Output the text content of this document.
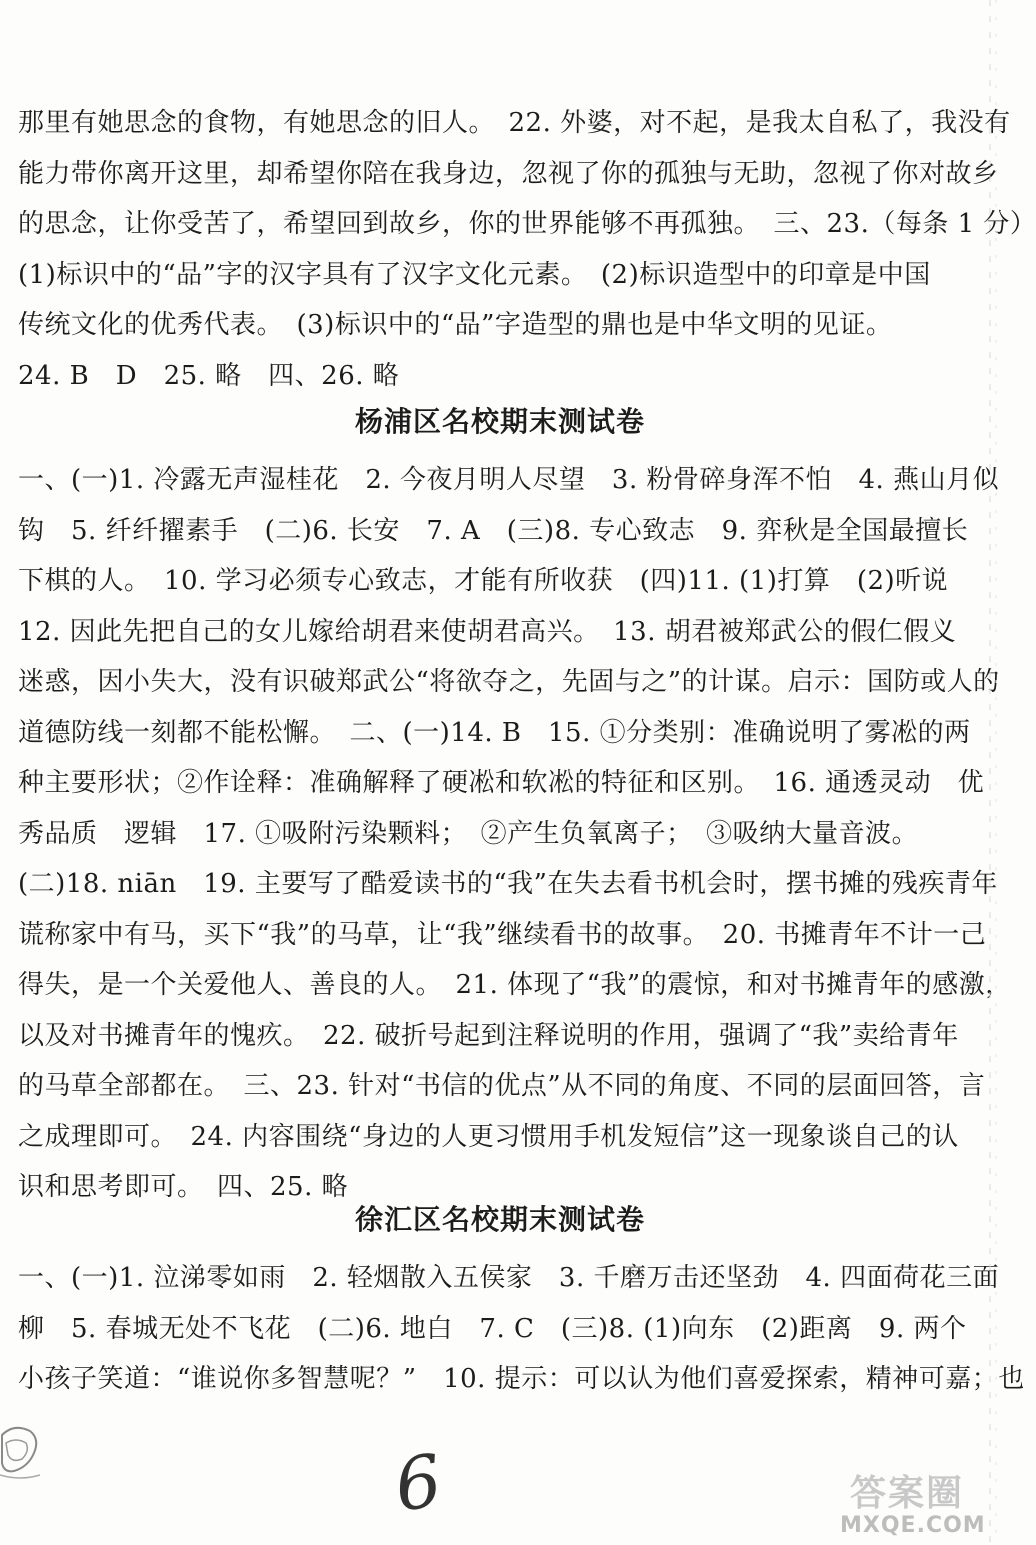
那里有她思念的食物，有她思念的旧人。　22. 外婆，对不起，是我太自私了，我没有
能力带你离开这里，却希望你陪在我身边，忽视了你的孤独与无助，忽视了你对故乡
的思念，让你受苦了，希望回到故乡，你的世界能够不再孤独。　三、23.（每条 1 分）
(1)标识中的“品”字的汉字具有了汉字文化元素。　(2)标识造型中的印章是中国
传统文化的优秀代表。　(3)标识中的“品”字造型的鼎也是中华文明的见证。
24. B　D　25. 略　四、26. 略
杨浦区名校期末测试卷
一、(一)1. 冷露无声湿桂花　2. 今夜月明人尽望　3. 粉骨碎身浑不怕　4. 燕山月似
钩　5. 纤纤擢素手　(二)6. 长安　7. A　(三)8. 专心致志　9. 弈秋是全国最擅长
下棋的人。　10. 学习必须专心致志，才能有所收获　(四)11. (1)打算　(2)听说
12. 因此先把自己的女儿嫁给胡君来使胡君高兴。　13. 胡君被郑武公的假仁假义
迷惑，因小失大，没有识破郑武公“将欲夺之，先固与之”的计谋。启示：国防或人的
道德防线一刻都不能松懈。　二、(一)14. B　15. ①分类别：准确说明了雾凇的两
种主要形状；②作诠释：准确解释了硬凇和软凇的特征和区别。　16. 通透灵动　优
秀品质　逻辑　17. ①吸附污染颗料；　②产生负氧离子；　③吸纳大量音波。
(二)18. niān　19. 主要写了酷爱读书的“我”在失去看书机会时，摆书摊的残疾青年
谎称家中有马，买下“我”的马草，让“我”继续看书的故事。　20. 书摊青年不计一己
得失，是一个关爱他人、善良的人。　21. 体现了“我”的震惊，和对书摊青年的感激，
以及对书摊青年的愧疚。　22. 破折号起到注释说明的作用，强调了“我”卖给青年
的马草全部都在。　三、23. 针对“书信的优点”从不同的角度、不同的层面回答，言
之成理即可。　24. 内容围绕“身边的人更习惯用手机发短信”这一现象谈自己的认
识和思考即可。　四、25. 略
徐汇区名校期末测试卷
一、(一)1. 泣涕零如雨　2. 轻烟散入五侯家　3. 千磨万击还坚劲　4. 四面荷花三面
柳　5. 春城无处不飞花　(二)6. 地白　7. C　(三)8. (1)向东　(2)距离　9. 两个
小孩子笑道：“谁说你多智慧呢？”　10. 提示：可以认为他们喜爱探索，精神可嘉；也
6	答案圈
MXQE.COM
